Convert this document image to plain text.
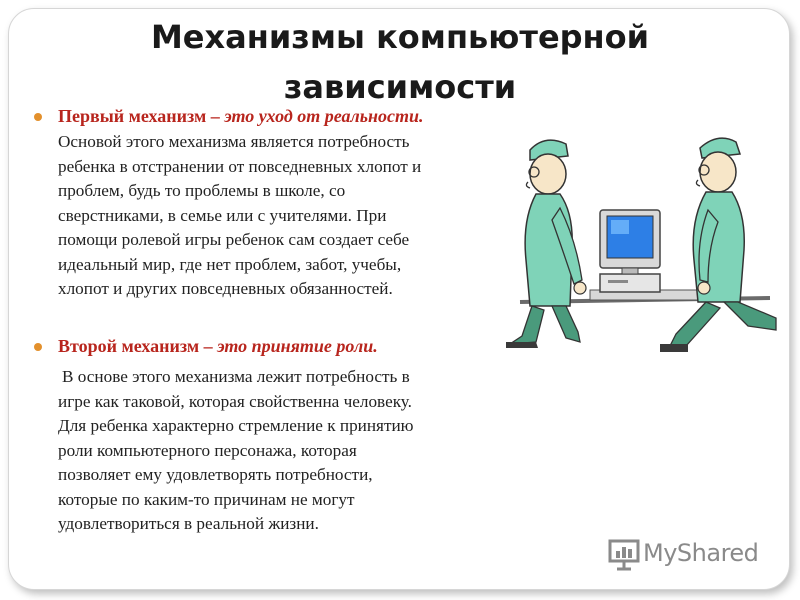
Механизмы компьютерной
зависимости
Первый механизм – это уход от реальности.
Основой этого механизма является потребность
ребенка в отстранении от повседневных хлопот и
проблем, будь то проблемы в школе, со
сверстниками, в семье или с учителями. При
помощи ролевой игры ребенок сам создает себе
идеальный мир, где нет проблем, забот, учебы,
хлопот и других повседневных обязанностей.
Второй механизм – это принятие роли.
В основе этого механизма лежит потребность в
игре как таковой, которая свойственна человеку.
Для ребенка характерно стремление к принятию
роли компьютерного персонажа, которая
позволяет ему удовлетворять потребности,
которые по каким-то причинам не могут
удовлетвориться в реальной жизни.
MyShared
